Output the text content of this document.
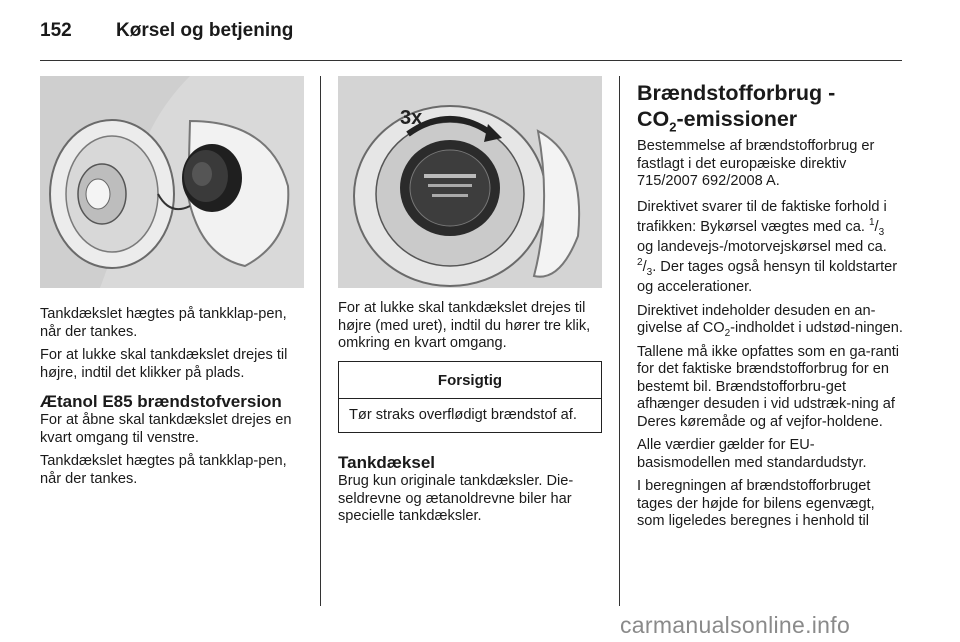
152	Kørsel og betjening

Tankdækslet hægtes på tankklap-pen, når der tankes.

For at lukke skal tankdækslet drejes til højre, indtil det klikker på plads.

Ætanol E85 brændstofversion

For at åbne skal tankdækslet drejes en kvart omgang til venstre.

Tankdækslet hægtes på tankklap-pen, når der tankes.

3x

For at lukke skal tankdækslet drejes til højre (med uret), indtil du hører tre klik, omkring en kvart omgang.

Forsigtig

Tør straks overflødigt brændstof af.

Tankdæksel

Brug kun originale tankdæksler. Die-seldrevne og ætanoldrevne biler har specielle tankdæksler.

Brændstofforbrug -
$CO_2$-emissioner

Bestemmelse af brændstofforbrug er fastlagt i det europæiske direktiv 715/2007 692/2008 A.

Direktivet svarer til de faktiske forhold i trafikken: Bykørsel vægtes med ca. $^1/_3$ og landevejs-/motorvejskørsel med ca. $^2/_3$. Der tages også hensyn til koldstarter og accelerationer.

Direktivet indeholder desuden en an-givelse af $CO_2$-indholdet i udstød-ningen.

Tallene må ikke opfattes som en ga-ranti for det faktiske brændstofforbrug for en bestemt bil. Brændstofforbru-get afhænger desuden i vid udstræk-ning af Deres køremåde og af vejfor-holdene.

Alle værdier gælder for EU-basismodellen med standardudstyr.

I beregningen af brændstofforbruget tages der højde for bilens egenvægt, som ligeledes beregnes i henhold til

carmanualsonline.info
